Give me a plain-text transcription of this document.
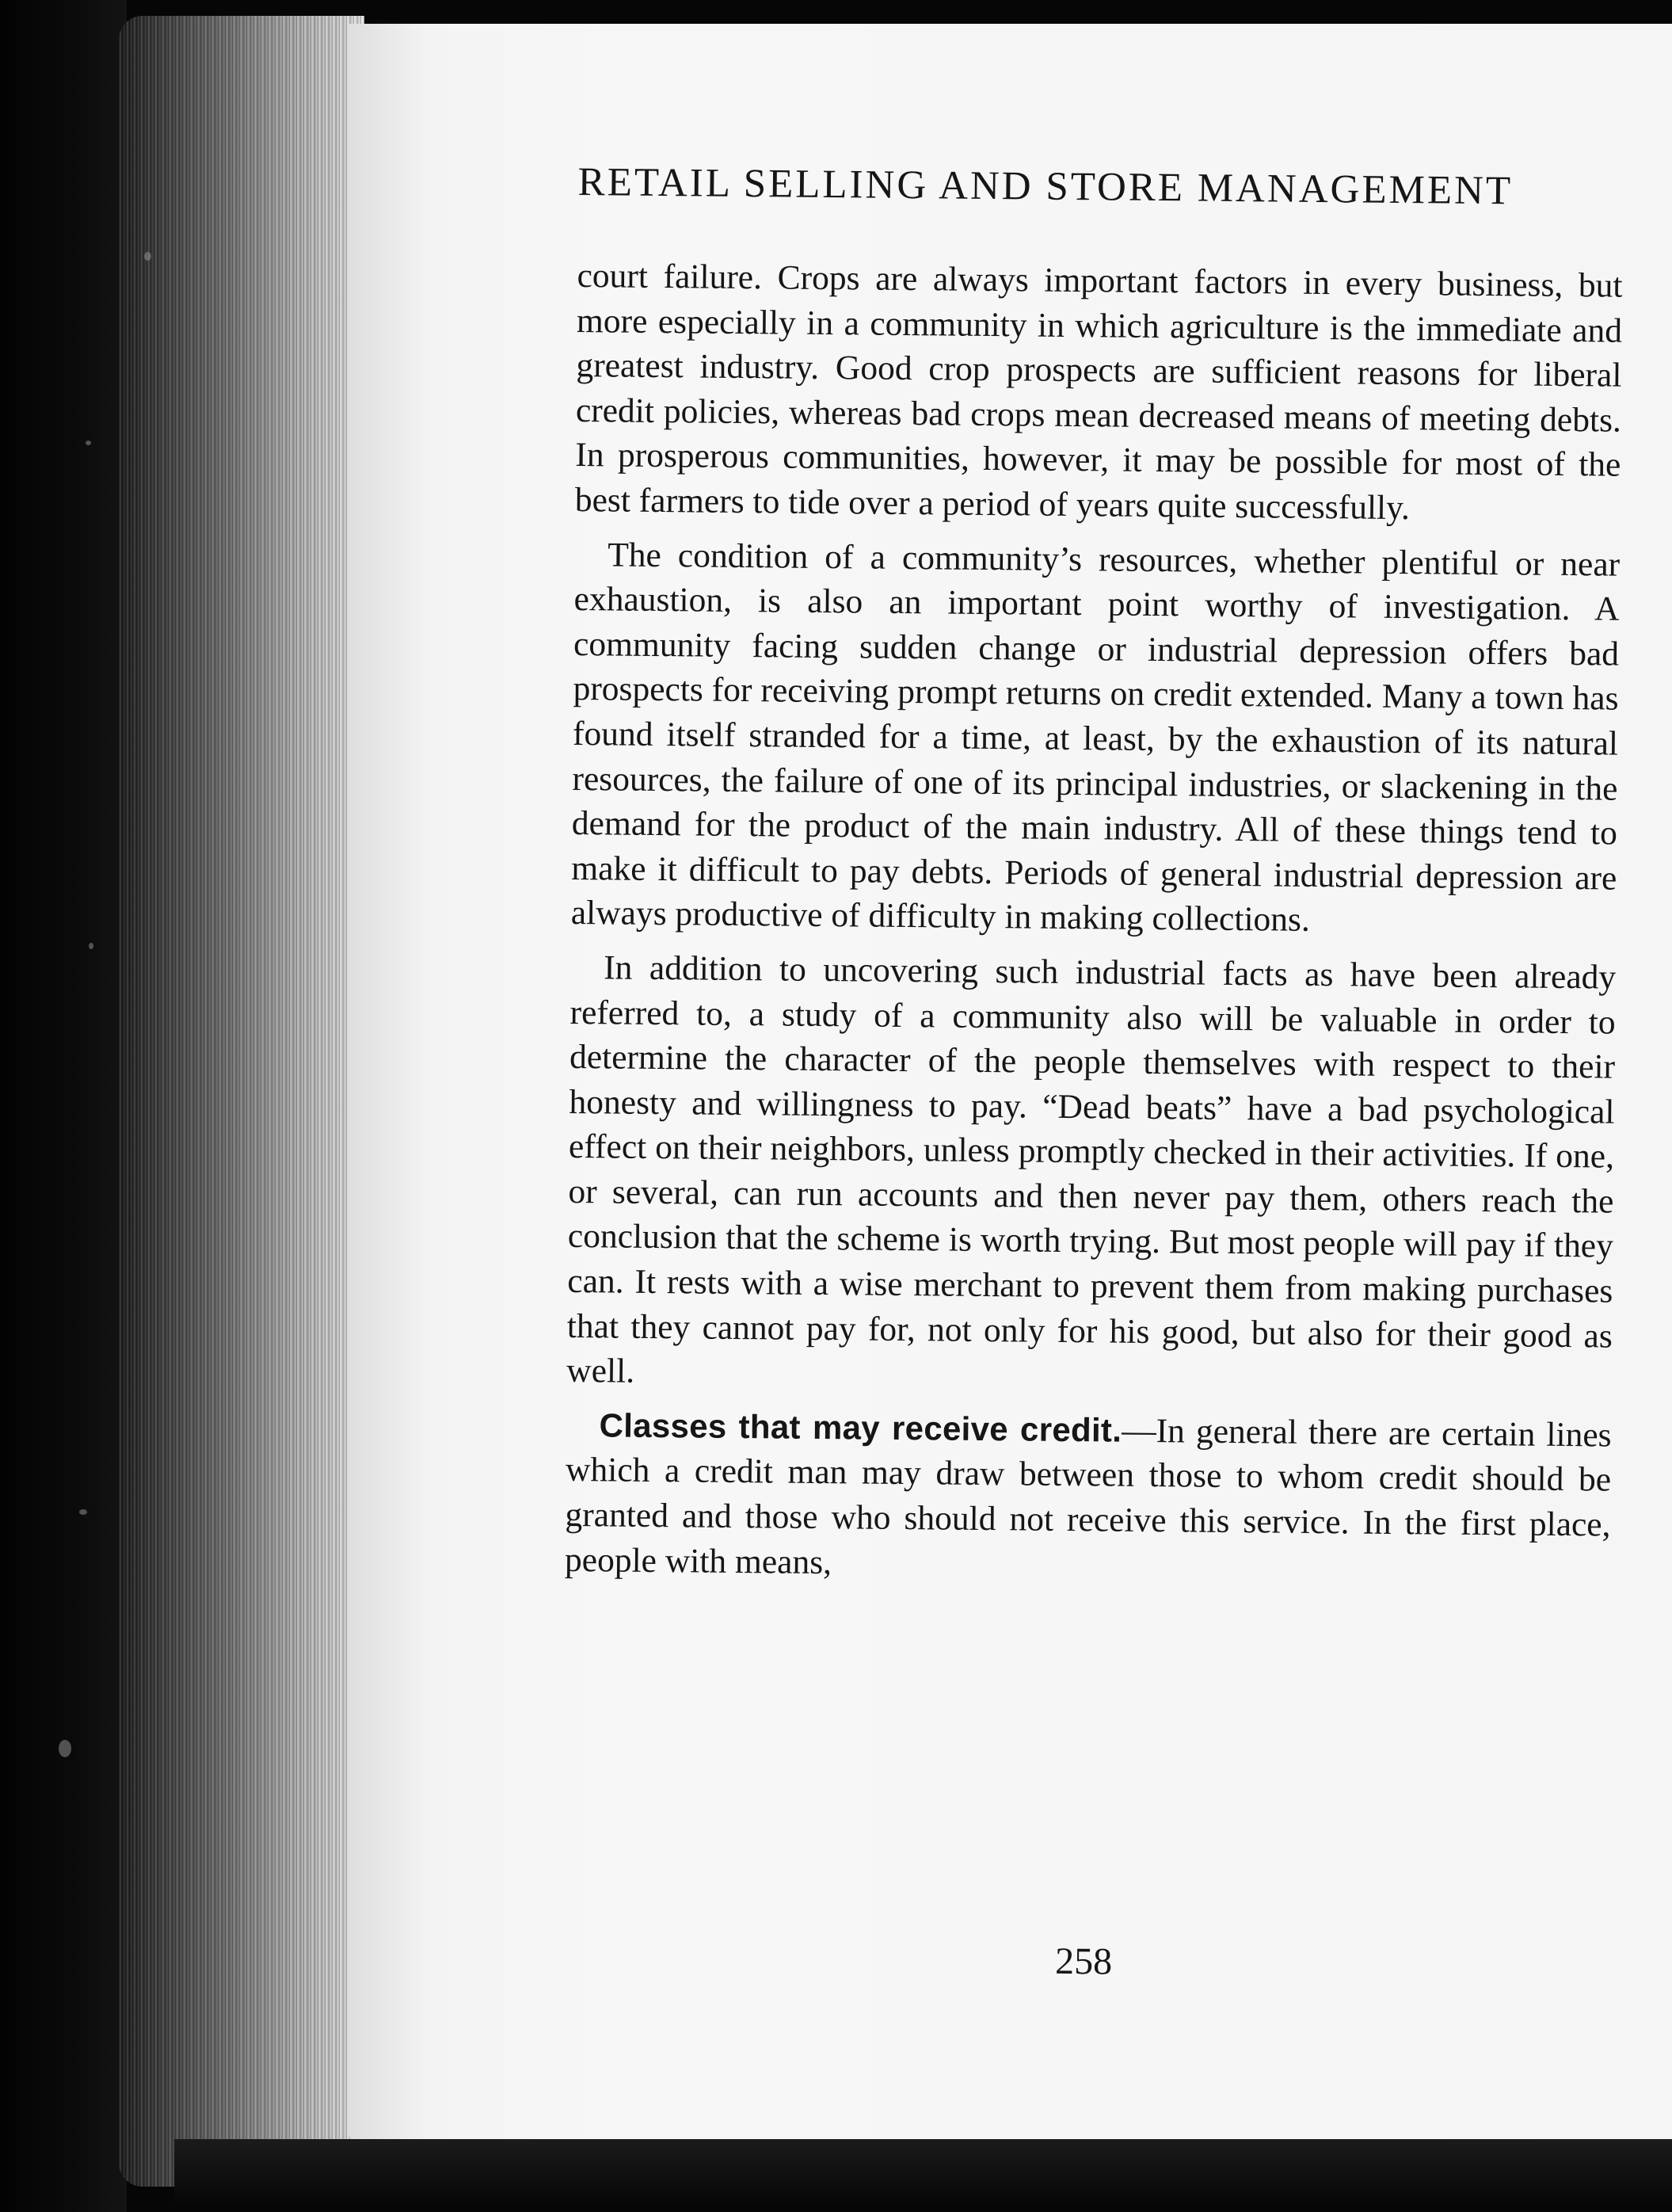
RETAIL SELLING AND STORE MANAGEMENT

court failure. Crops are always important factors in every business, but more especially in a community in which agriculture is the immediate and greatest industry. Good crop prospects are sufficient reasons for liberal credit policies, whereas bad crops mean decreased means of meeting debts. In prosperous communities, however, it may be possible for most of the best farmers to tide over a period of years quite successfully.

The condition of a community’s resources, whether plentiful or near exhaustion, is also an important point worthy of investigation. A community facing sudden change or industrial depression offers bad prospects for receiving prompt returns on credit extended. Many a town has found itself stranded for a time, at least, by the exhaustion of its natural resources, the failure of one of its principal industries, or slackening in the demand for the product of the main industry. All of these things tend to make it difficult to pay debts. Periods of general industrial depression are always productive of difficulty in making collections.

In addition to uncovering such industrial facts as have been already referred to, a study of a community also will be valuable in order to determine the character of the people themselves with respect to their honesty and willingness to pay. “Dead beats” have a bad psychological effect on their neighbors, unless promptly checked in their activities. If one, or several, can run accounts and then never pay them, others reach the conclusion that the scheme is worth trying. But most people will pay if they can. It rests with a wise merchant to prevent them from making purchases that they cannot pay for, not only for his good, but also for their good as well.

Classes that may receive credit.—In general there are certain lines which a credit man may draw between those to whom credit should be granted and those who should not receive this service. In the first place, people with means,

258
